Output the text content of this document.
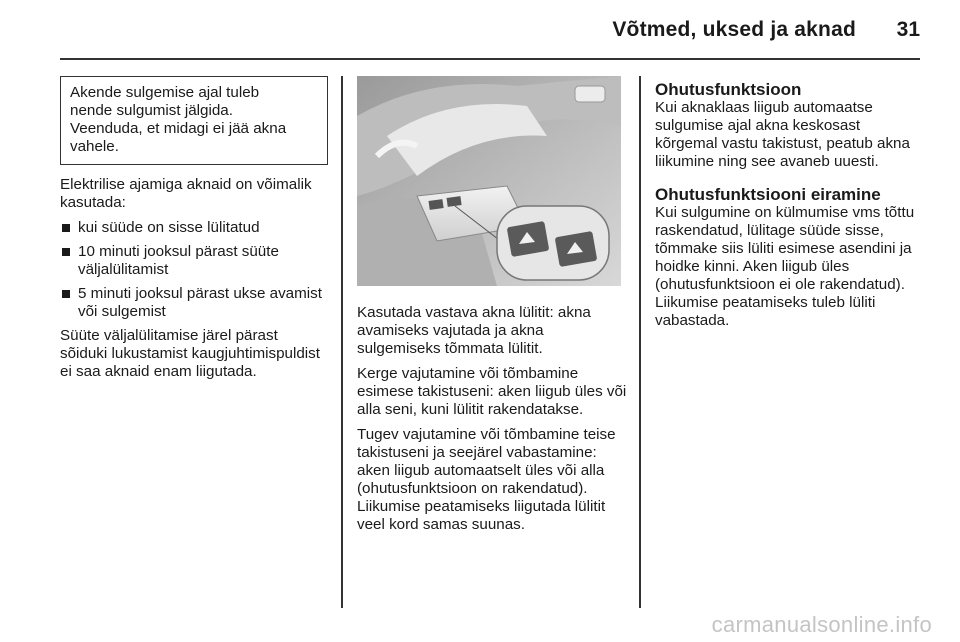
Võtmed, uksed ja aknad 31

Akende sulgemise ajal tuleb

nende sulgumist jälgida.

Veenduda, et midagi ei jää akna

vahele.

Elektrilise ajamiga aknaid on võimalik kasutada:

kui süüde on sisse lülitatud
10 minuti jooksul pärast süüte väljalülitamist
5 minuti jooksul pärast ukse avamist või sulgemist

Süüte väljalülitamise järel pärast sõiduki lukustamist kaugjuhtimispuldist ei saa aknaid enam liigutada.

Kasutada vastava akna lülitit: akna avamiseks vajutada ja akna sulgemiseks tõmmata lülitit.

Kerge vajutamine või tõmbamine esimese takistuseni: aken liigub üles või alla seni, kuni lülitit rakendatakse.

Tugev vajutamine või tõmbamine teise takistuseni ja seejärel vabastamine: aken liigub automaatselt üles või alla (ohutusfunktsioon on rakendatud). Liikumise peatamiseks liigutada lülitit veel kord samas suunas.

Ohutusfunktsioon

Kui aknaklaas liigub automaatse sulgumise ajal akna keskosast kõrgemal vastu takistust, peatub akna liikumine ning see avaneb uuesti.

Ohutusfunktsiooni eiramine

Kui sulgumine on külmumise vms tõttu raskendatud, lülitage süüde sisse, tõmmake siis lüliti esimese asendini ja hoidke kinni. Aken liigub üles (ohutusfunktsioon ei ole rakendatud). Liikumise peatamiseks tuleb lüliti vabastada.

carmanualsonline.info
